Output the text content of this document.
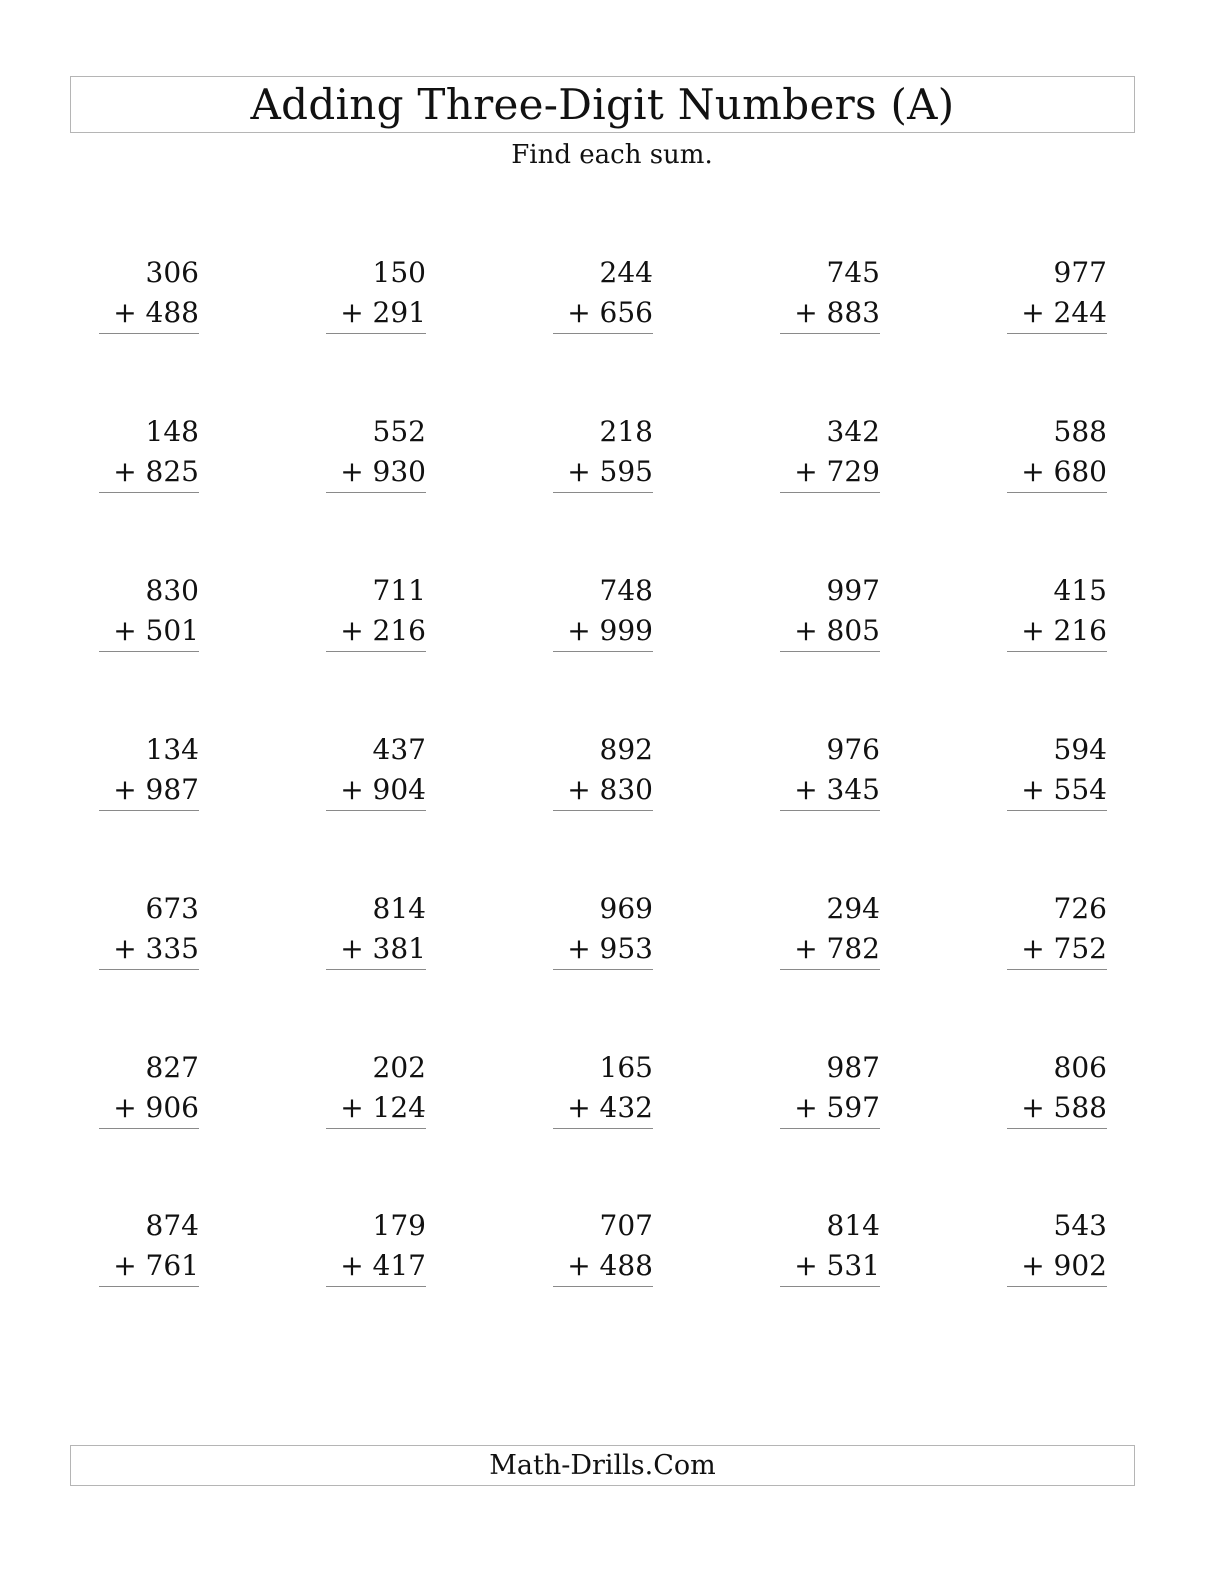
Adding Three-Digit Numbers (A)
Find each sum.
306
+ 488
150
+ 291
244
+ 656
745
+ 883
977
+ 244
148
+ 825
552
+ 930
218
+ 595
342
+ 729
588
+ 680
830
+ 501
711
+ 216
748
+ 999
997
+ 805
415
+ 216
134
+ 987
437
+ 904
892
+ 830
976
+ 345
594
+ 554
673
+ 335
814
+ 381
969
+ 953
294
+ 782
726
+ 752
827
+ 906
202
+ 124
165
+ 432
987
+ 597
806
+ 588
874
+ 761
179
+ 417
707
+ 488
814
+ 531
543
+ 902
Math-Drills.Com
